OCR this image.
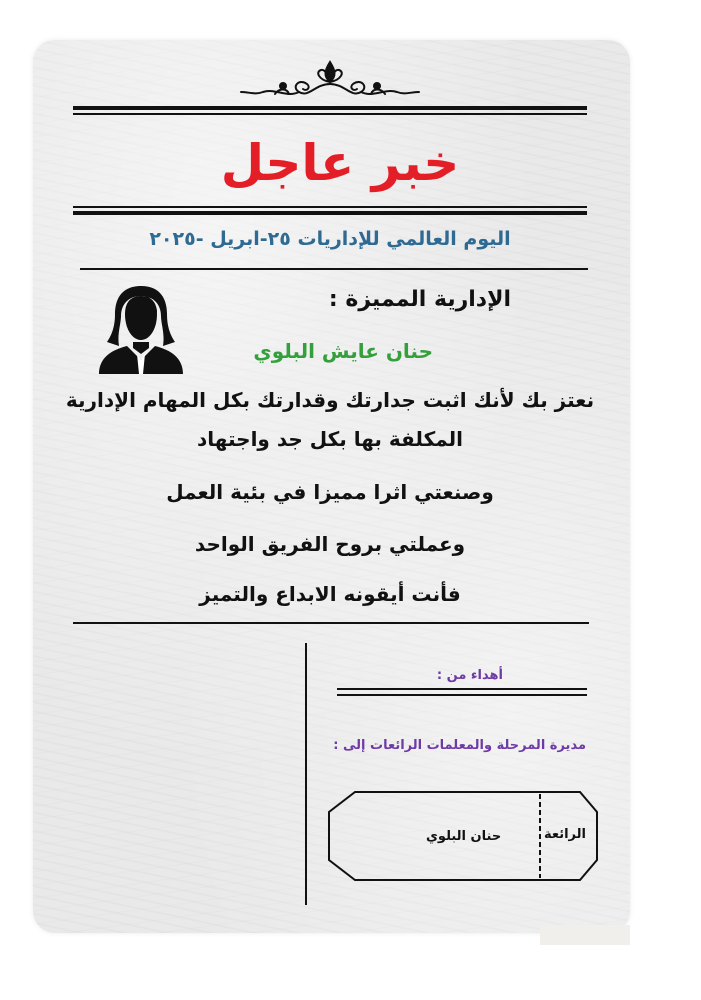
خبر عاجل
اليوم العالمي للإداريات ٢٥-ابريل -٢٠٢٥
الإدارية المميزة :
حنان عايش البلوي
نعتز بك لأنك اثبت جدارتك وقدارتك بكل المهام الإدارية
المكلفة بها بكل جد واجتهاد
وصنعتي اثرا مميزا في بئية العمل
وعملتي بروح الفريق الواحد
فأنت أيقونه الابداع والتميز
أهداء من :
مديرة المرحلة والمعلمات الرائعات إلى :
الرائعة
حنان البلوي
